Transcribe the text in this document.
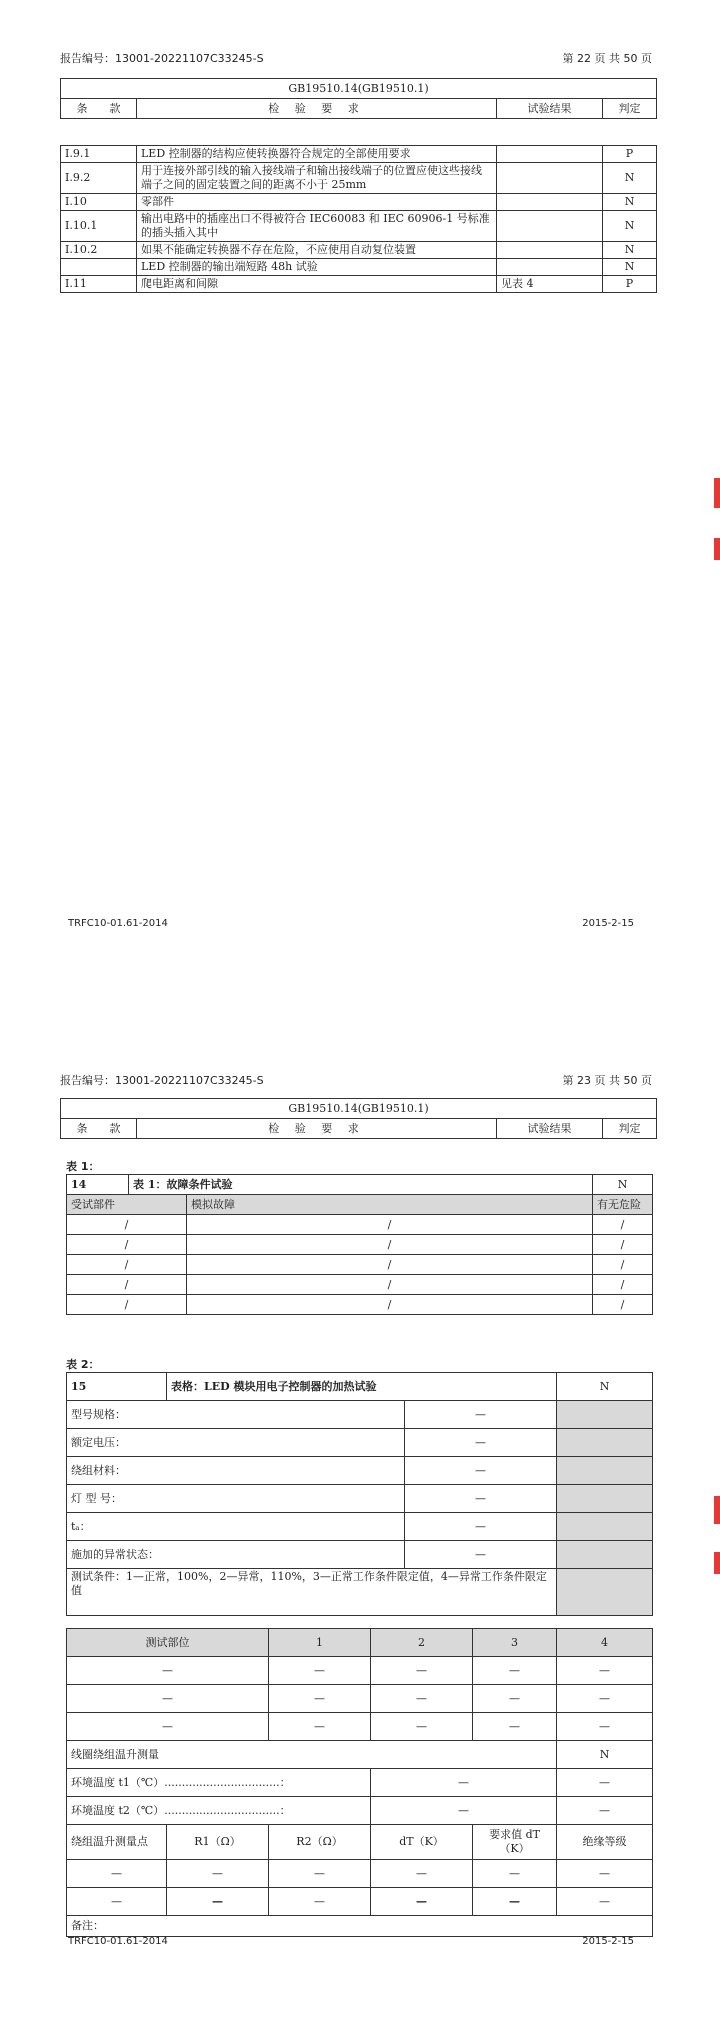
报告编号：13001-20221107C33245-S	第 22 页 共 50 页
GB19510.14(GB19510.1)
条　　款	检 验 要 求	试验结果	判定
I.9.1	LED 控制器的结构应使转换器符合规定的全部使用要求		P
I.9.2	用于连接外部引线的输入接线端子和输出接线端子的位置应使这些接线端子之间的固定装置之间的距离不小于 25mm		N
I.10	零部件		N
I.10.1	输出电路中的插座出口不得被符合 IEC60083 和 IEC 60906-1 号标准的插头插入其中		N
I.10.2	如果不能确定转换器不存在危险，不应使用自动复位装置		N
	LED 控制器的输出端短路 48h 试验		N
I.11	爬电距离和间隙	见表 4	P
TRFC10-01.61-2014	2015-2-15
报告编号：13001-20221107C33245-S	第 23 页 共 50 页
GB19510.14(GB19510.1)
条　　款	检 验 要 求	试验结果	判定
表 1：
14	表 1：故障条件试验		N
受试部件		模拟故障	有无危险
/		/	/
/		/	/
/		/	/
/		/	/
/		/	/
表 2：
15	表格：LED 模块用电子控制器的加热试验					N
型号规格：				—		
额定电压：				—		
绕组材料：				—		
灯 型 号：				—		
tₐ：				—		
施加的异常状态：				—		
测试条件：1—正常，100%，2—异常，110%，3—正常工作条件限定值，4—异常工作条件限定值						

测试部位		1	2		3	4
—		—	—		—	—
—		—	—		—	—
—		—	—		—	—
线圈绕组温升测量						N
环境温度 t1（℃）.................................：			—			—
环境温度 t2（℃）.................................：			—			—
绕组温升测量点	R1（Ω）	R2（Ω）	dT（K）		要求值 dT（K）	绝缘等级
—	—	—	—		—	—
—	—	—	—		—	—
备注：						
TRFC10-01.61-2014	2015-2-15
